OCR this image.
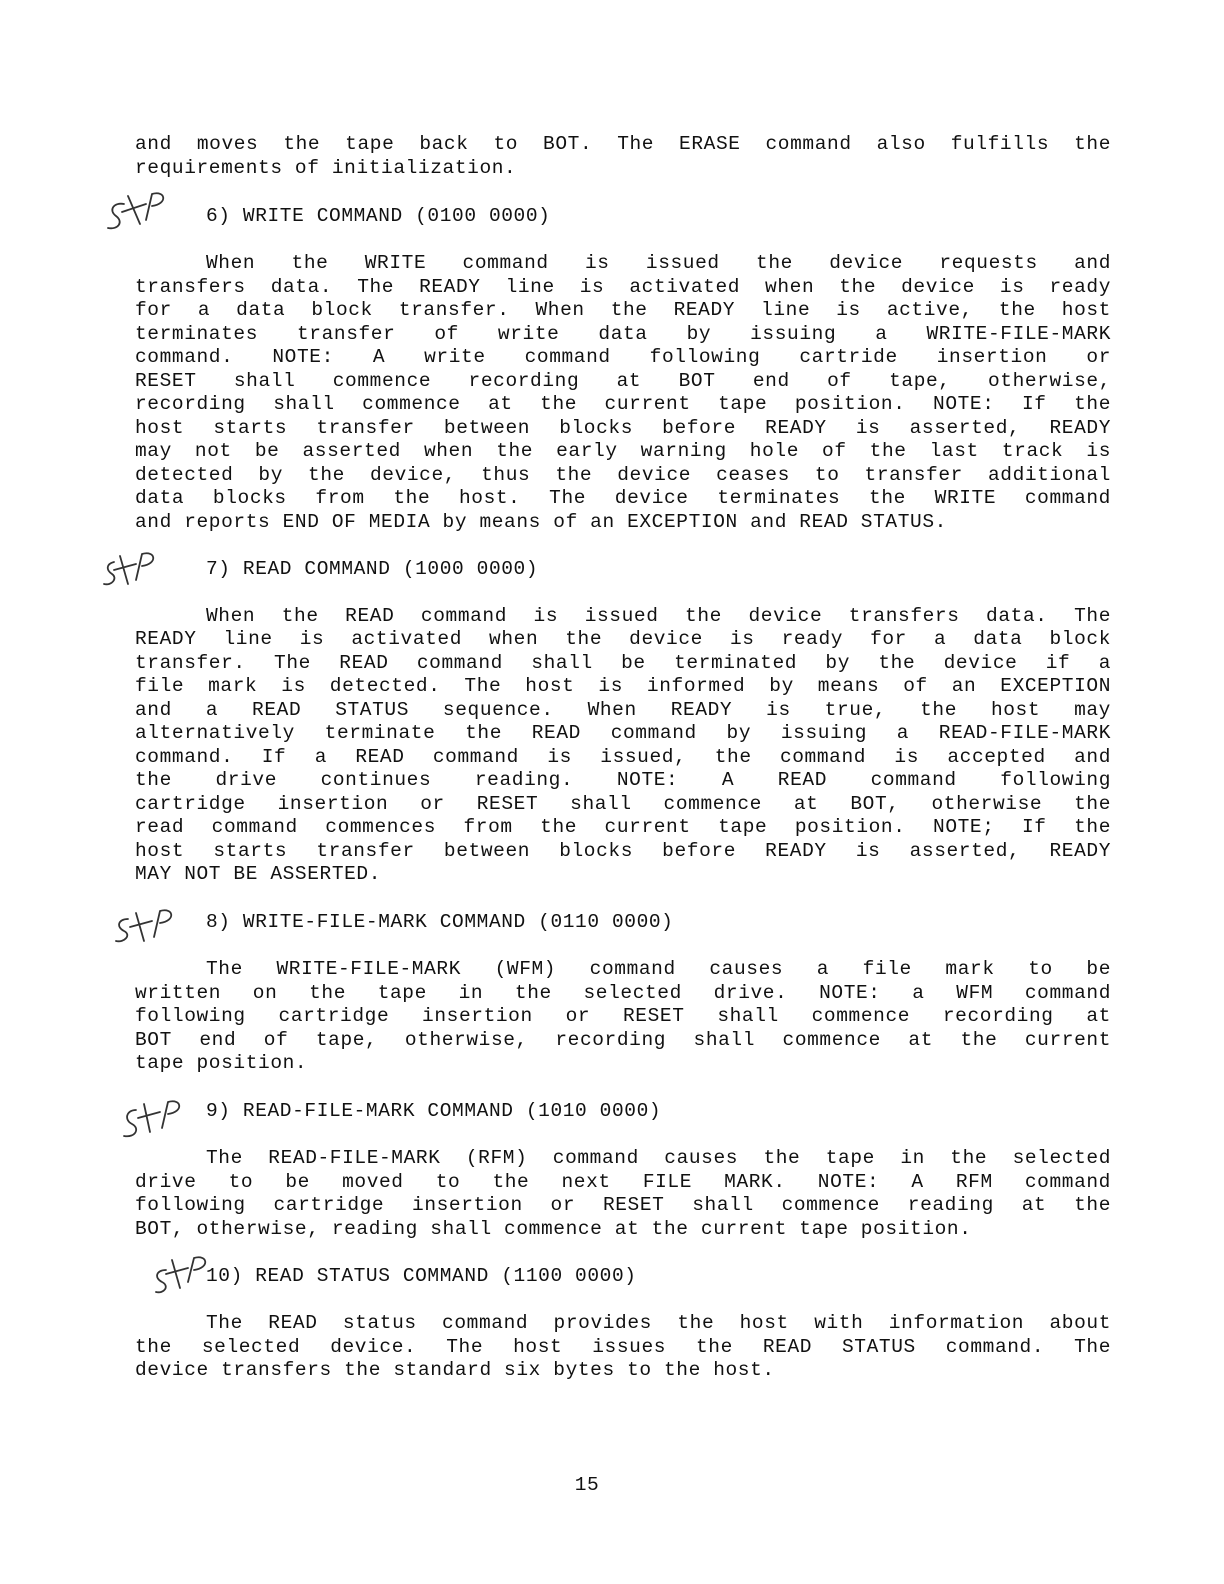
and moves the tape back to BOT. The ERASE command also fulfills the
requirements of initialization.
6) WRITE COMMAND (0100 0000)
When the WRITE command is issued the device requests and
transfers data. The READY line is activated when the device is ready
for a data block transfer. When the READY line is active, the host
terminates transfer of write data by issuing a WRITE-FILE-MARK
command. NOTE: A write command following cartride insertion or
RESET shall commence recording at BOT end of tape, otherwise,
recording shall commence at the current tape position. NOTE: If the
host starts transfer between blocks before READY is asserted, READY
may not be asserted when the early warning hole of the last track is
detected by the device, thus the device ceases to transfer additional
data blocks from the host. The device terminates the WRITE command
and reports END OF MEDIA by means of an EXCEPTION and READ STATUS.
7) READ COMMAND (1000 0000)
When the READ command is issued the device transfers data. The
READY line is activated when the device is ready for a data block
transfer. The READ command shall be terminated by the device if a
file mark is detected. The host is informed by means of an EXCEPTION
and a READ STATUS sequence. When READY is true, the host may
alternatively terminate the READ command by issuing a READ-FILE-MARK
command. If a READ command is issued, the command is accepted and
the drive continues reading. NOTE: A READ command following
cartridge insertion or RESET shall commence at BOT, otherwise the
read command commences from the current tape position. NOTE; If the
host starts transfer between blocks before READY is asserted, READY
MAY NOT BE ASSERTED.
8) WRITE-FILE-MARK COMMAND (0110 0000)
The WRITE-FILE-MARK (WFM) command causes a file mark to be
written on the tape in the selected drive. NOTE: a WFM command
following cartridge insertion or RESET shall commence recording at
BOT end of tape, otherwise, recording shall commence at the current
tape position.
9) READ-FILE-MARK COMMAND (1010 0000)
The READ-FILE-MARK (RFM) command causes the tape in the selected
drive to be moved to the next FILE MARK. NOTE: A RFM command
following cartridge insertion or RESET shall commence reading at the
BOT, otherwise, reading shall commence at the current tape position.
10) READ STATUS COMMAND (1100 0000)
The READ status command provides the host with information about
the selected device. The host issues the READ STATUS command. The
device transfers the standard six bytes to the host.
15
